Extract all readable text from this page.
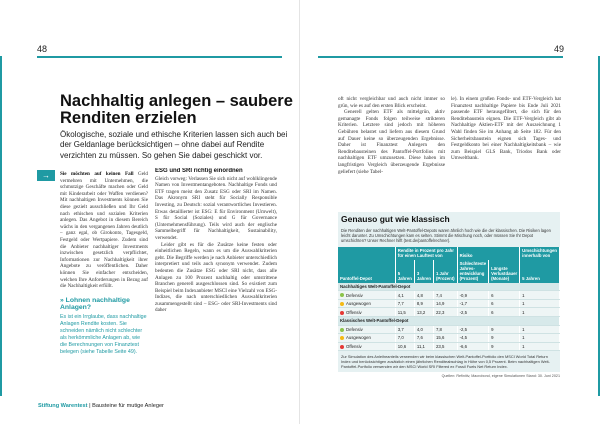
48
Nachhaltig anlegen – saubere Renditen erzielen
Ökologische, soziale und ethische Kriterien lassen sich auch bei der Geldanlage berücksichtigen – ohne dabei auf Rendite verzichten zu müssen. So gehen Sie dabei geschickt vor.
→	Sie möchten auf keinen Fall Geld vermehren mit Unternehmen, die schmutzige Geschäfte machen oder Geld mit Kinderarbeit oder Waffen verdienen? Mit nachhaltigen Investments können Sie diese gezielt ausschließen und Ihr Geld nach ethischen und sozialen Kriterien anlegen. Das Angebot in diesem Bereich wächs in den vergangenen Jahren deutlich – ganz egal, ob Girokonto, Tagesgeld, Festgeld oder Wertpapiere. Zudem sind die Anbieter nachhaltiger Investments inzwischen gesetzlich verpflichtet, Informationen zur Nachhaltigkeit ihrer Angebote zu veröffentlichen. Daher können Sie einfacher entscheiden, welchen Ihre Anforderungen in Bezug auf die Nachhaltigkeit erfüllt.

» Lohnen nachhaltige Anlagen?
Es ist ein Irrglaube, dass nachhaltige Anlagen Rendite kosten. Sie schneiden nämlich nicht schlechter als herkömmliche Anlagen ab, wie die Berechnungen von Finanztest belegen (siehe Tabelle Seite 49).
ESG und SRI richtig einordnen

Gleich vorweg: Verlassen Sie sich nicht auf wohlklingende Namen von Investmentangeboten. Nachhaltige Fonds und ETF tragen meist den Zusatz ESG oder SRI im Namen. Das Akronym SRI steht für Socially Responsible Investing, zu Deutsch: sozial verantwortliches Investieren. Etwas detaillierter ist ESG: E für Environment (Umwelt), S für Social (Soziales) und G für Governance (Unternehmensführung). Teils wird auch der englische Sammelbegriff für Nachhaltigkeit, Sustainability, verwendet.

Leider gibt es für die Zusätze keine festen oder einheitlichen Regeln, wann es um die Auswahlkriterien geht. Die Begriffe werden je nach Anbieter unterschiedlich interpretiert und teils auch synonym verwendet. Zudem bedeuten die Zusätze ESG oder SRI nicht, dass alle Anlagen zu 100 Prozent nachhaltig oder umstrittene Branchen generell ausgeschlossen sind. So existiert zum Beispiel beim Indexanbieter MSCI eine Vielzahl von ESG-Indizes, die nach unterschiedlichen Auswahlkriterien zusammengestellt sind – ESG- oder SRI-Investments sind daher

Stiftung Warentest | Bausteine für mutige Anleger
49

oft nicht vergleichbar und auch nicht immer so grün, wie es auf den ersten Blick erscheint.

Generell gelten ETF als mittelgrün, aktiv gemanagte Fonds folgen teilweise strikteren Kriterien. Letztere sind jedoch mit höheren Gebühren belastet und liefern aus diesem Grund auf Dauer keine so überzeugenden Ergebnisse. Daher ist Finanztest Anlegern den Renditebausteinen des Pantoffel-Portfolios mit nachhaltigen ETF umzusetzen. Diese haben im langfristigen Vergleich überzeugende Ergebnisse geliefert (siehe Tabel-

le). In einem großen Fonds- und ETF-Vergleich hat Finanztest nachhaltige Papiere bis Ende Juli 2021 passende ETF herausgefiltert, die sich für den Renditebaustein eignen. Die ETF-Vergleich gibt ab Nachhaltige Aktien-ETF mit der Auszeichnung 1 Wahl finden Sie im Anhang ab Seite 182. Für den Sicherheitsbaustein eignen sich Tages- und Festgeldkonto bei einer Nachhaltigkeitsbank – wie zum Beispiel GLS Bank, Triodos Bank oder Umweltbank.

Genauso gut wie klassisch
Die Renditen der nachhaltigen Welt-Pantoffel-Depots waren ähnlich hoch wie die der klassischen. Die Risiken lagen leicht darunter. Zu Umschichtungen kam es selten. Stimmt die Mischung noch, oder müssen Sie Ihr Depot umschichten? Unser Rechner hilft (test.de/pantoffelrechner).
Pantoffel-Depot	Rendite in Prozent pro Jahr für einen Lauftest von			Risiko		Umschichtungen innerhalb von
	5 Jahren	3 Jahren	1 Jahr (Prozent)	Schlechteste Jahres-entwicklung (Prozent)	Längste Verlustdauer (Monate)	5 Jahren
Nachhaltiges Welt-Pantoffel-Depot						
Defensiv	4,1	4,8	7,4	-0,9	6	1
Ausgewogen	7,7	8,9	14,9	-1,7	6	1
Offensiv	11,5	13,2	22,3	-2,5	6	1
Klassisches Welt-Pantoffel-Depot						
Defensiv	3,7	4,0	7,8	-2,5	9	1
Ausgewogen	7,0	7,6	15,6	-4,5	9	1
Offensiv	10,6	11,1	23,5	-6,6	9	1
Zur Simulation des Anleiheanteils verwenden wir beim klassischen Welt-Pantoffel-Portfolio den MSCI World Total Return Index und berücksichtigen zusätzlich einen jährlichen Renditeabschlag in Höhe von 0,5 Prozent. Beim nachhaltigen Welt-Pantoffel-Portfolio verwenden wir den MSCI World SRI Filtered ex Fossil Fuels Net Return Index.
Quellen: Refinitiv, Macrobond, eigene Simulationen Stand: 30. Juni 2021
